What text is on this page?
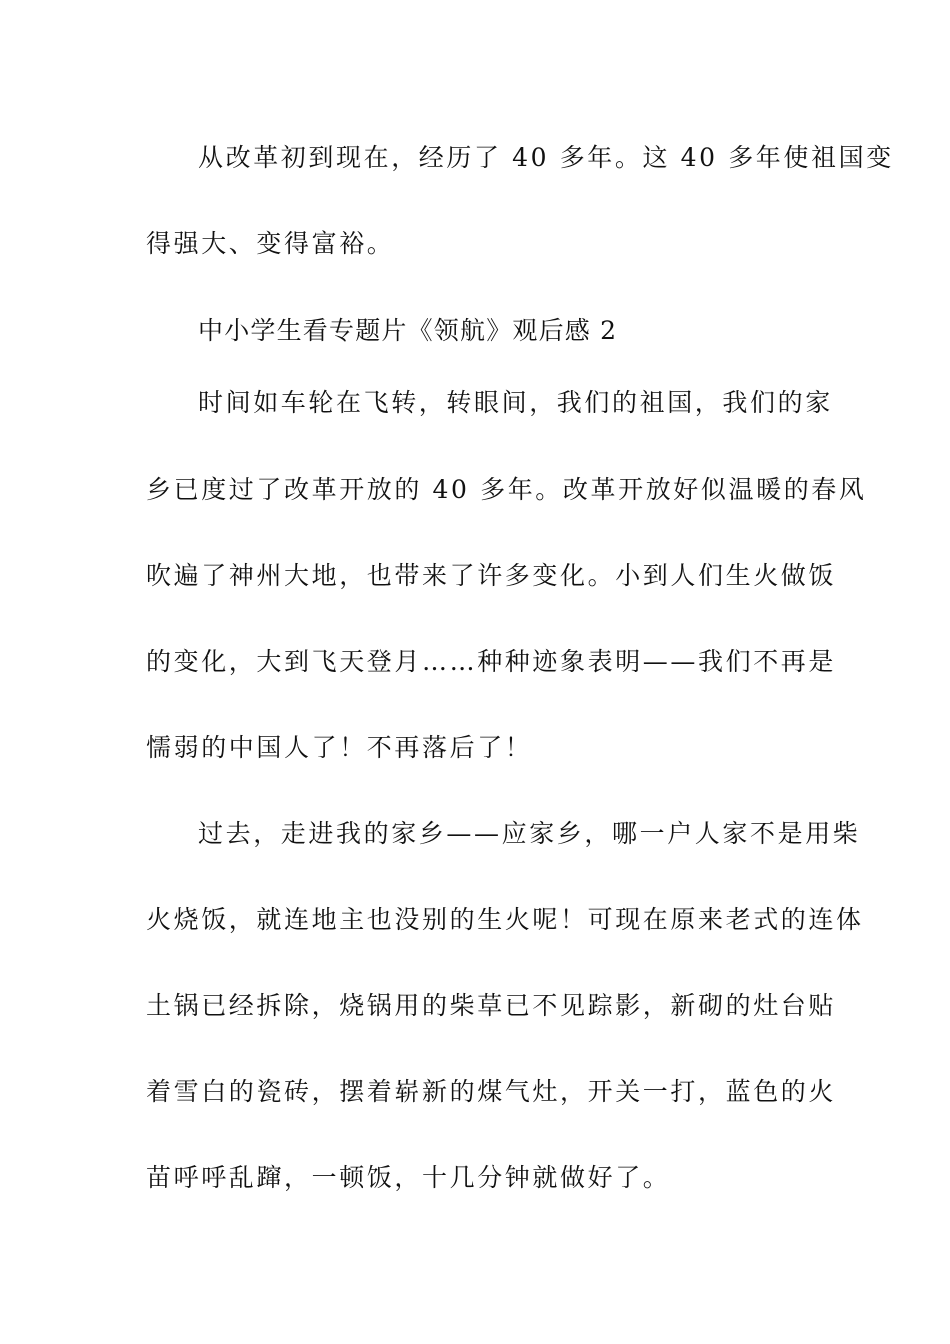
从改革初到现在，经历了 40 多年。这 40 多年使祖国变
得强大、变得富裕。
中小学生看专题片《领航》观后感 2
时间如车轮在飞转，转眼间，我们的祖国，我们的家
乡已度过了改革开放的 40 多年。改革开放好似温暖的春风
吹遍了神州大地，也带来了许多变化。小到人们生火做饭
的变化，大到飞天登月……种种迹象表明——我们不再是
懦弱的中国人了！不再落后了！
过去，走进我的家乡——应家乡，哪一户人家不是用柴
火烧饭，就连地主也没别的生火呢！可现在原来老式的连体
土锅已经拆除，烧锅用的柴草已不见踪影，新砌的灶台贴
着雪白的瓷砖，摆着崭新的煤气灶，开关一打，蓝色的火
苗呼呼乱蹿，一顿饭，十几分钟就做好了。
